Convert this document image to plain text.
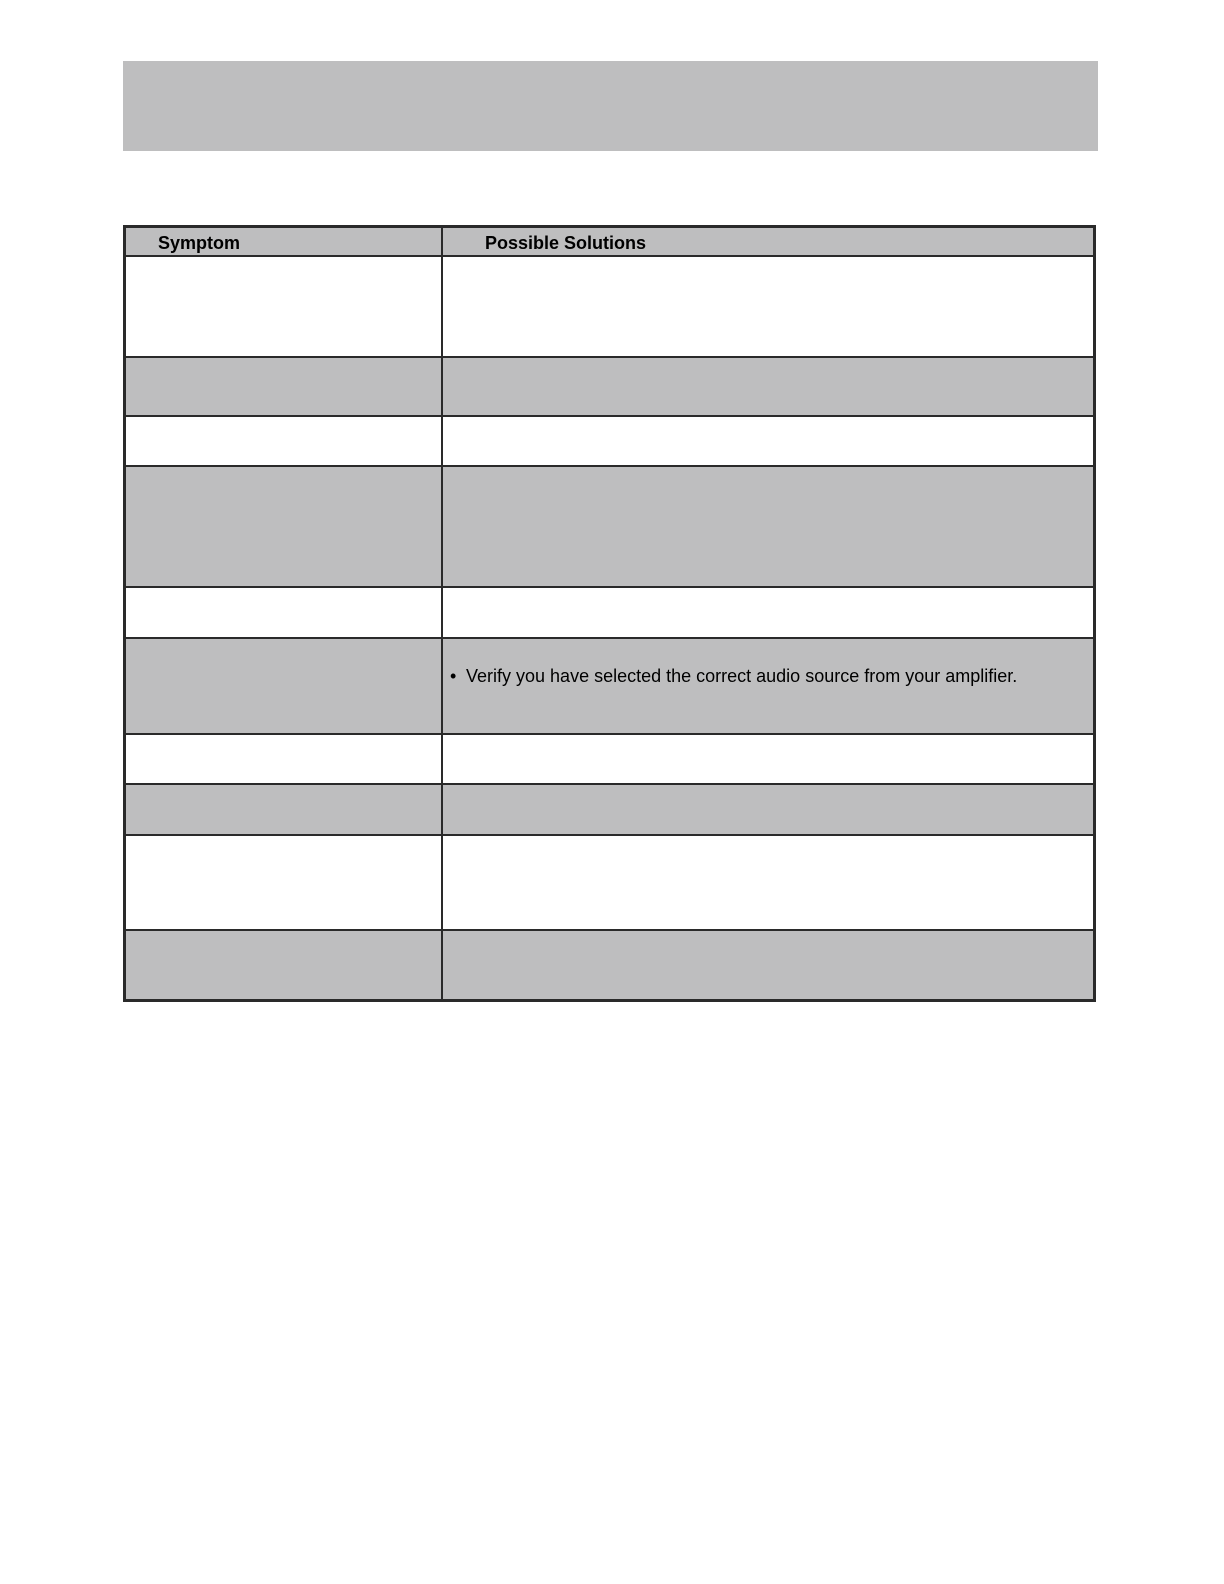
Symptom	Possible Solutions
• Verify you have selected the correct audio source from your amplifier.
